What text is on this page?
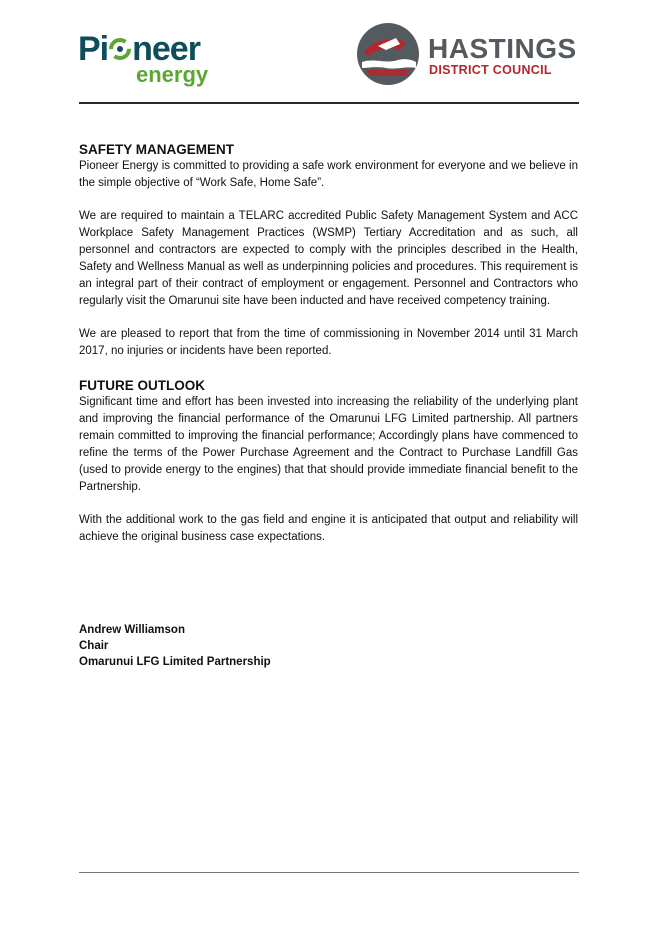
Pi neer
energy
HASTINGS
DISTRICT COUNCIL
SAFETY MANAGEMENT

Pioneer Energy is committed to providing a safe work environment for everyone and we believe in the simple objective of “Work Safe, Home Safe”.

We are required to maintain a TELARC accredited Public Safety Management System and ACC Workplace Safety Management Practices (WSMP) Tertiary Accreditation and as such, all personnel and contractors are expected to comply with the principles described in the Health, Safety and Wellness Manual as well as underpinning policies and procedures. This requirement is an integral part of their contract of employment or engagement. Personnel and Contractors who regularly visit the Omarunui site have been inducted and have received competency training.

We are pleased to report that from the time of commissioning in November 2014 until 31 March 2017, no injuries or incidents have been reported.

FUTURE OUTLOOK

Significant time and effort has been invested into increasing the reliability of the underlying plant and improving the financial performance of the Omarunui LFG Limited partnership. All partners remain committed to improving the financial performance; Accordingly plans have commenced to refine the terms of the Power Purchase Agreement and the Contract to Purchase Landfill Gas (used to provide energy to the engines) that that should provide immediate financial benefit to the Partnership.

With the additional work to the gas field and engine it is anticipated that output and reliability will achieve the original business case expectations.

Andrew Williamson
Chair
Omarunui LFG Limited Partnership
